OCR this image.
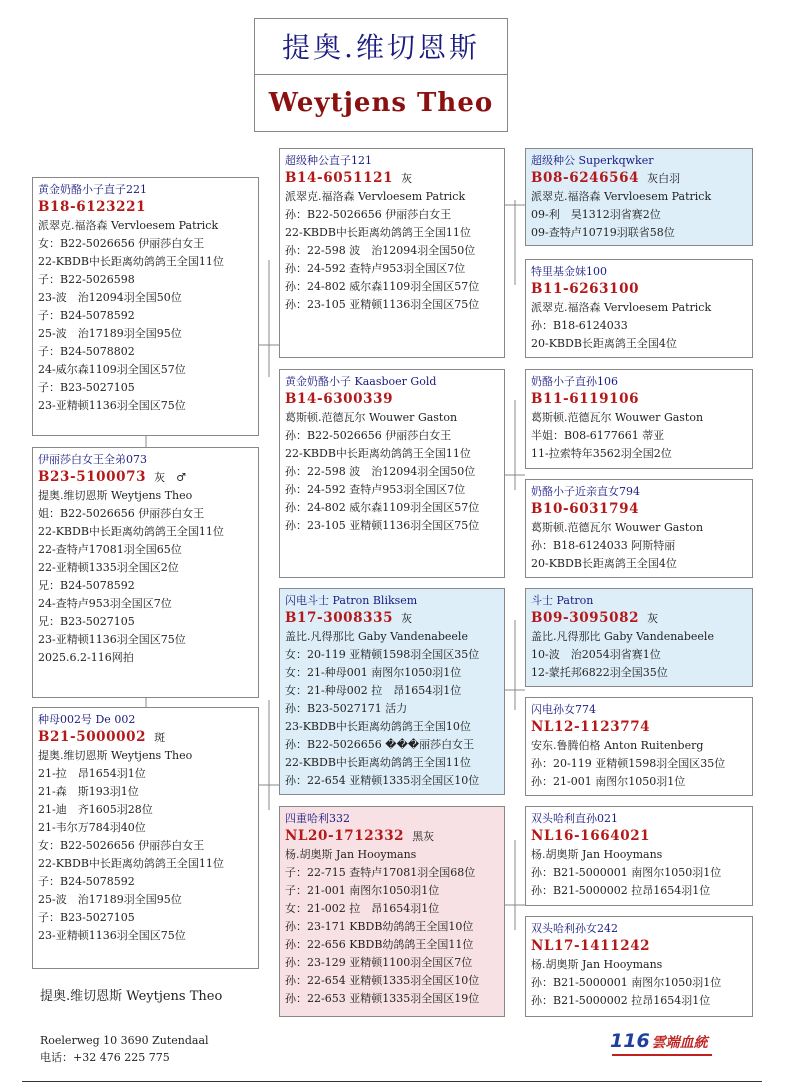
提奥.维切恩斯
Weytjens Theo
黄金奶酪小子直子221
B18-6123221
派翠克.福洛森 Vervloesem Patrick
女：B22-5026656 伊丽莎白女王
22-KBDB中长距离幼鸽鸽王全国11位
子：B22-5026598
23-波　治12094羽全国50位
子：B24-5078592
25-波　治17189羽全国95位
子：B24-5078802
24-威尔森1109羽全国区57位
子：B23-5027105
23-亚精顿1136羽全国区75位
伊丽莎白女王全弟073
B23-5100073 灰　♂
提奥.维切恩斯 Weytjens Theo
姐：B22-5026656 伊丽莎白女王
22-KBDB中长距离幼鸽鸽王全国11位
22-查特卢17081羽全国65位
22-亚精顿1335羽全国区2位
兄：B24-5078592
24-查特卢953羽全国区7位
兄：B23-5027105
23-亚精顿1136羽全国区75位
2025.6.2-116网拍
种母002号 De 002
B21-5000002 斑
提奥.维切恩斯 Weytjens Theo
21-拉　昂1654羽1位
21-森　斯193羽1位
21-迪　齐1605羽28位
21-韦尔万784羽40位
女：B22-5026656 伊丽莎白女王
22-KBDB中长距离幼鸽鸽王全国11位
子：B24-5078592
25-波　治17189羽全国95位
子：B23-5027105
23-亚精顿1136羽全国区75位
超级种公直子121
B14-6051121 灰
派翠克.福洛森 Vervloesem Patrick
孙：B22-5026656 伊丽莎白女王
22-KBDB中长距离幼鸽鸽王全国11位
孙：22-598 波　治12094羽全国50位
孙：24-592 查特卢953羽全国区7位
孙：24-802 威尔森1109羽全国区57位
孙：23-105 亚精顿1136羽全国区75位
黄金奶酪小子 Kaasboer Gold
B14-6300339
葛斯顿.范德瓦尔 Wouwer Gaston
孙：B22-5026656 伊丽莎白女王
22-KBDB中长距离幼鸽鸽王全国11位
孙：22-598 波　治12094羽全国50位
孙：24-592 查特卢953羽全国区7位
孙：24-802 威尔森1109羽全国区57位
孙：23-105 亚精顿1136羽全国区75位
闪电斗士 Patron Bliksem
B17-3008335 灰
盖比.凡得那比 Gaby Vandenabeele
女：20-119 亚精顿1598羽全国区35位
女：21-种母001 南图尔1050羽1位
女：21-种母002 拉　昂1654羽1位
孙：B23-5027171 活力
23-KBDB中长距离幼鸽鸽王全国10位
孙：B22-5026656 ���丽莎白女王
22-KBDB中长距离幼鸽鸽王全国11位
孙：22-654 亚精顿1335羽全国区10位
四重哈利332
NL20-1712332 黑灰
杨.胡奥斯 Jan Hooymans
子：22-715 查特卢17081羽全国68位
子：21-001 南图尔1050羽1位
女：21-002 拉　昂1654羽1位
孙：23-171 KBDB幼鸽鸽王全国10位
孙：22-656 KBDB幼鸽鸽王全国11位
孙：23-129 亚精顿1100羽全国区7位
孙：22-654 亚精顿1335羽全国区10位
孙：22-653 亚精顿1335羽全国区19位
超级种公 Superkqwker
B08-6246564 灰白羽
派翠克.福洛森 Vervloesem Patrick
09-利　昊1312羽省赛2位
09-查特卢10719羽联省58位
特里基金妹100
B11-6263100
派翠克.福洛森 Vervloesem Patrick
孙：B18-6124033
20-KBDB长距离鸽王全国4位
奶酪小子直孙106
B11-6119106
葛斯顿.范德瓦尔 Wouwer Gaston
半姐：B08-6177661 蒂亚
11-拉索特年3562羽全国2位
奶酪小子近亲直女794
B10-6031794
葛斯顿.范德瓦尔 Wouwer Gaston
孙：B18-6124033 阿斯特丽
20-KBDB长距离鸽王全国4位
斗士 Patron
B09-3095082 灰
盖比.凡得那比 Gaby Vandenabeele
10-波　治2054羽省赛1位
12-蒙托邦6822羽全国35位
闪电孙女774
NL12-1123774
安东.鲁腾伯格 Anton Ruitenberg
孙：20-119 亚精顿1598羽全国区35位
孙：21-001 南图尔1050羽1位
双头哈利直孙021
NL16-1664021
杨.胡奥斯 Jan Hooymans
孙：B21-5000001 南图尔1050羽1位
孙：B21-5000002 拉昂1654羽1位
双头哈利孙女242
NL17-1411242
杨.胡奥斯 Jan Hooymans
孙：B21-5000001 南图尔1050羽1位
孙：B21-5000002 拉昂1654羽1位
提奥.维切恩斯 Weytjens Theo
Roelerweg 10 3690 Zutendaal
电话：+32 476 225 775
116 雲端血統
